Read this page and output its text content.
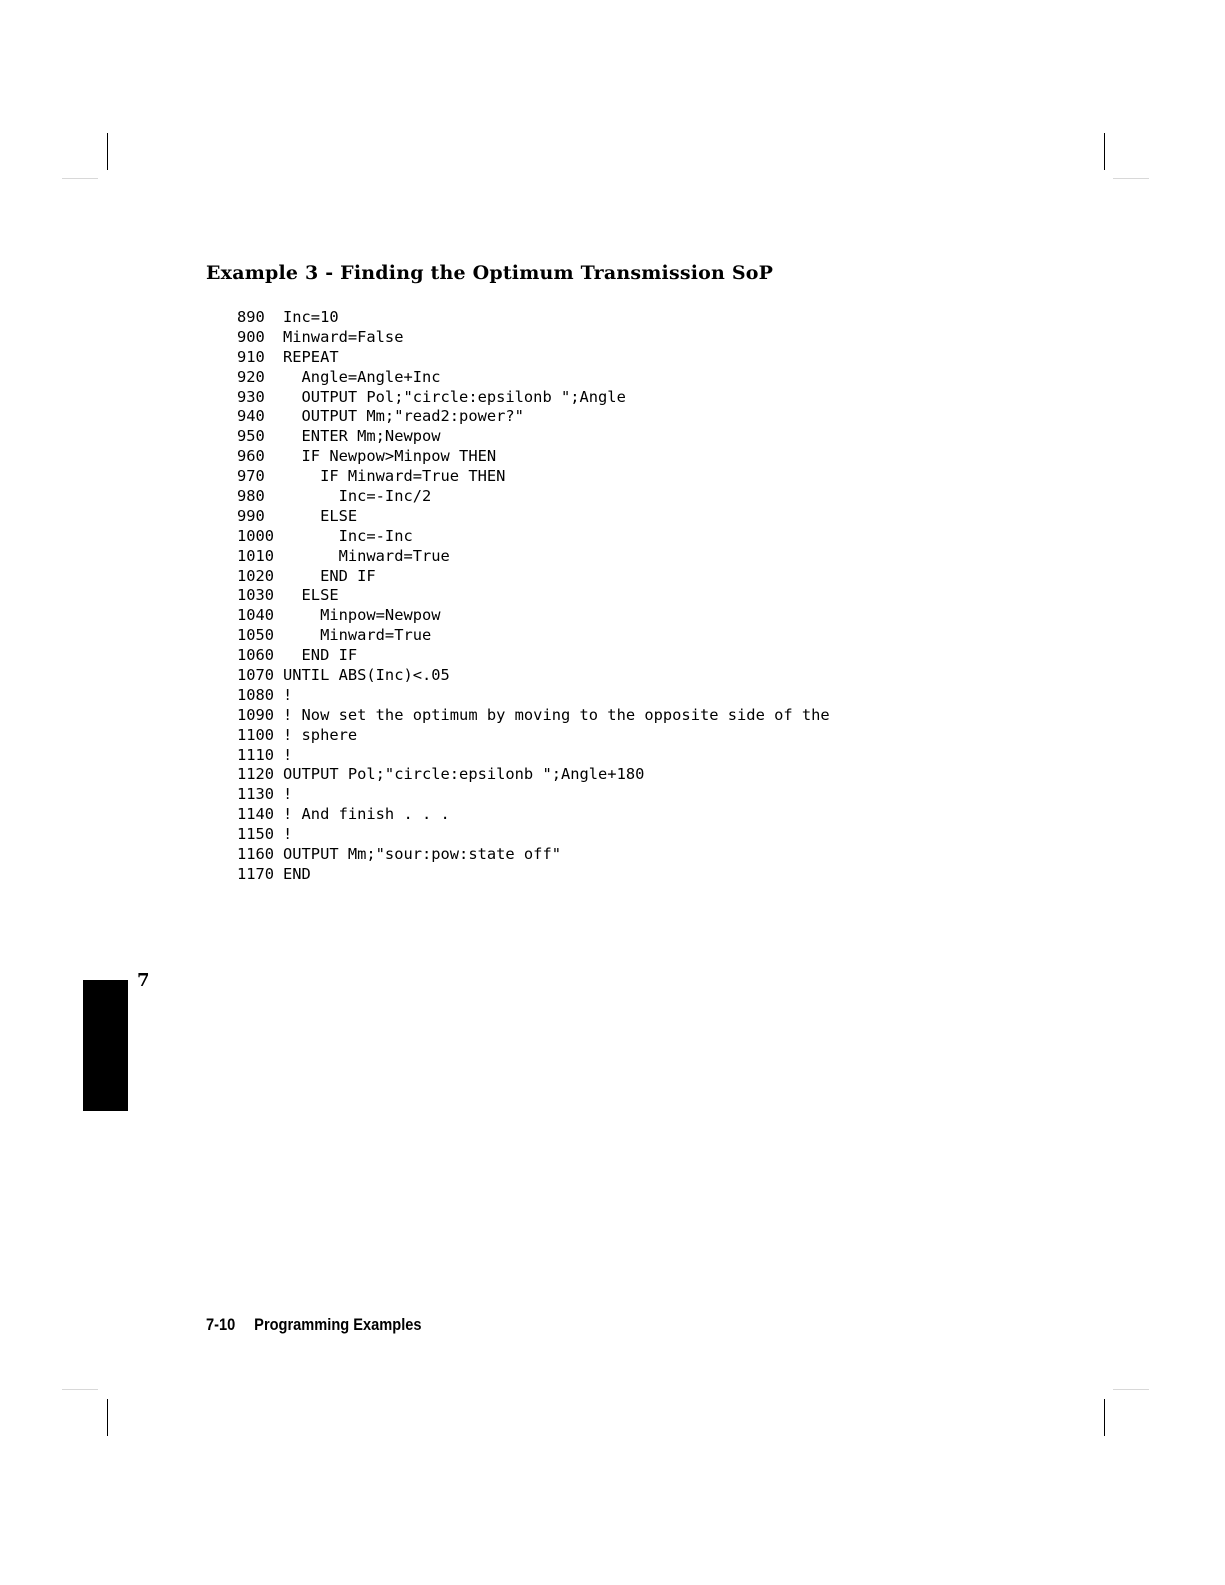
Example 3 - Finding the Optimum Transmission SoP
890 Inc=10
900 Minward=False
910 REPEAT
920  Angle=Angle+Inc
930  OUTPUT Pol;"circle:epsilonb ";Angle
940  OUTPUT Mm;"read2:power?"
950  ENTER Mm;Newpow
960  IF Newpow>Minpow THEN
970    IF Minward=True THEN
980      Inc=-Inc/2
990    ELSE
1000      Inc=-Inc
1010      Minward=True
1020    END IF
1030  ELSE
1040    Minpow=Newpow
1050    Minward=True
1060  END IF
1070 UNTIL ABS(Inc)<.05
1080 !
1090 ! Now set the optimum by moving to the opposite side of the
1100 ! sphere
1110 !
1120 OUTPUT Pol;"circle:epsilonb ";Angle+180
1130 !
1140 ! And finish . . .
1150 !
1160 OUTPUT Mm;"sour:pow:state off"
1170 END
7
7-10 Programming Examples
